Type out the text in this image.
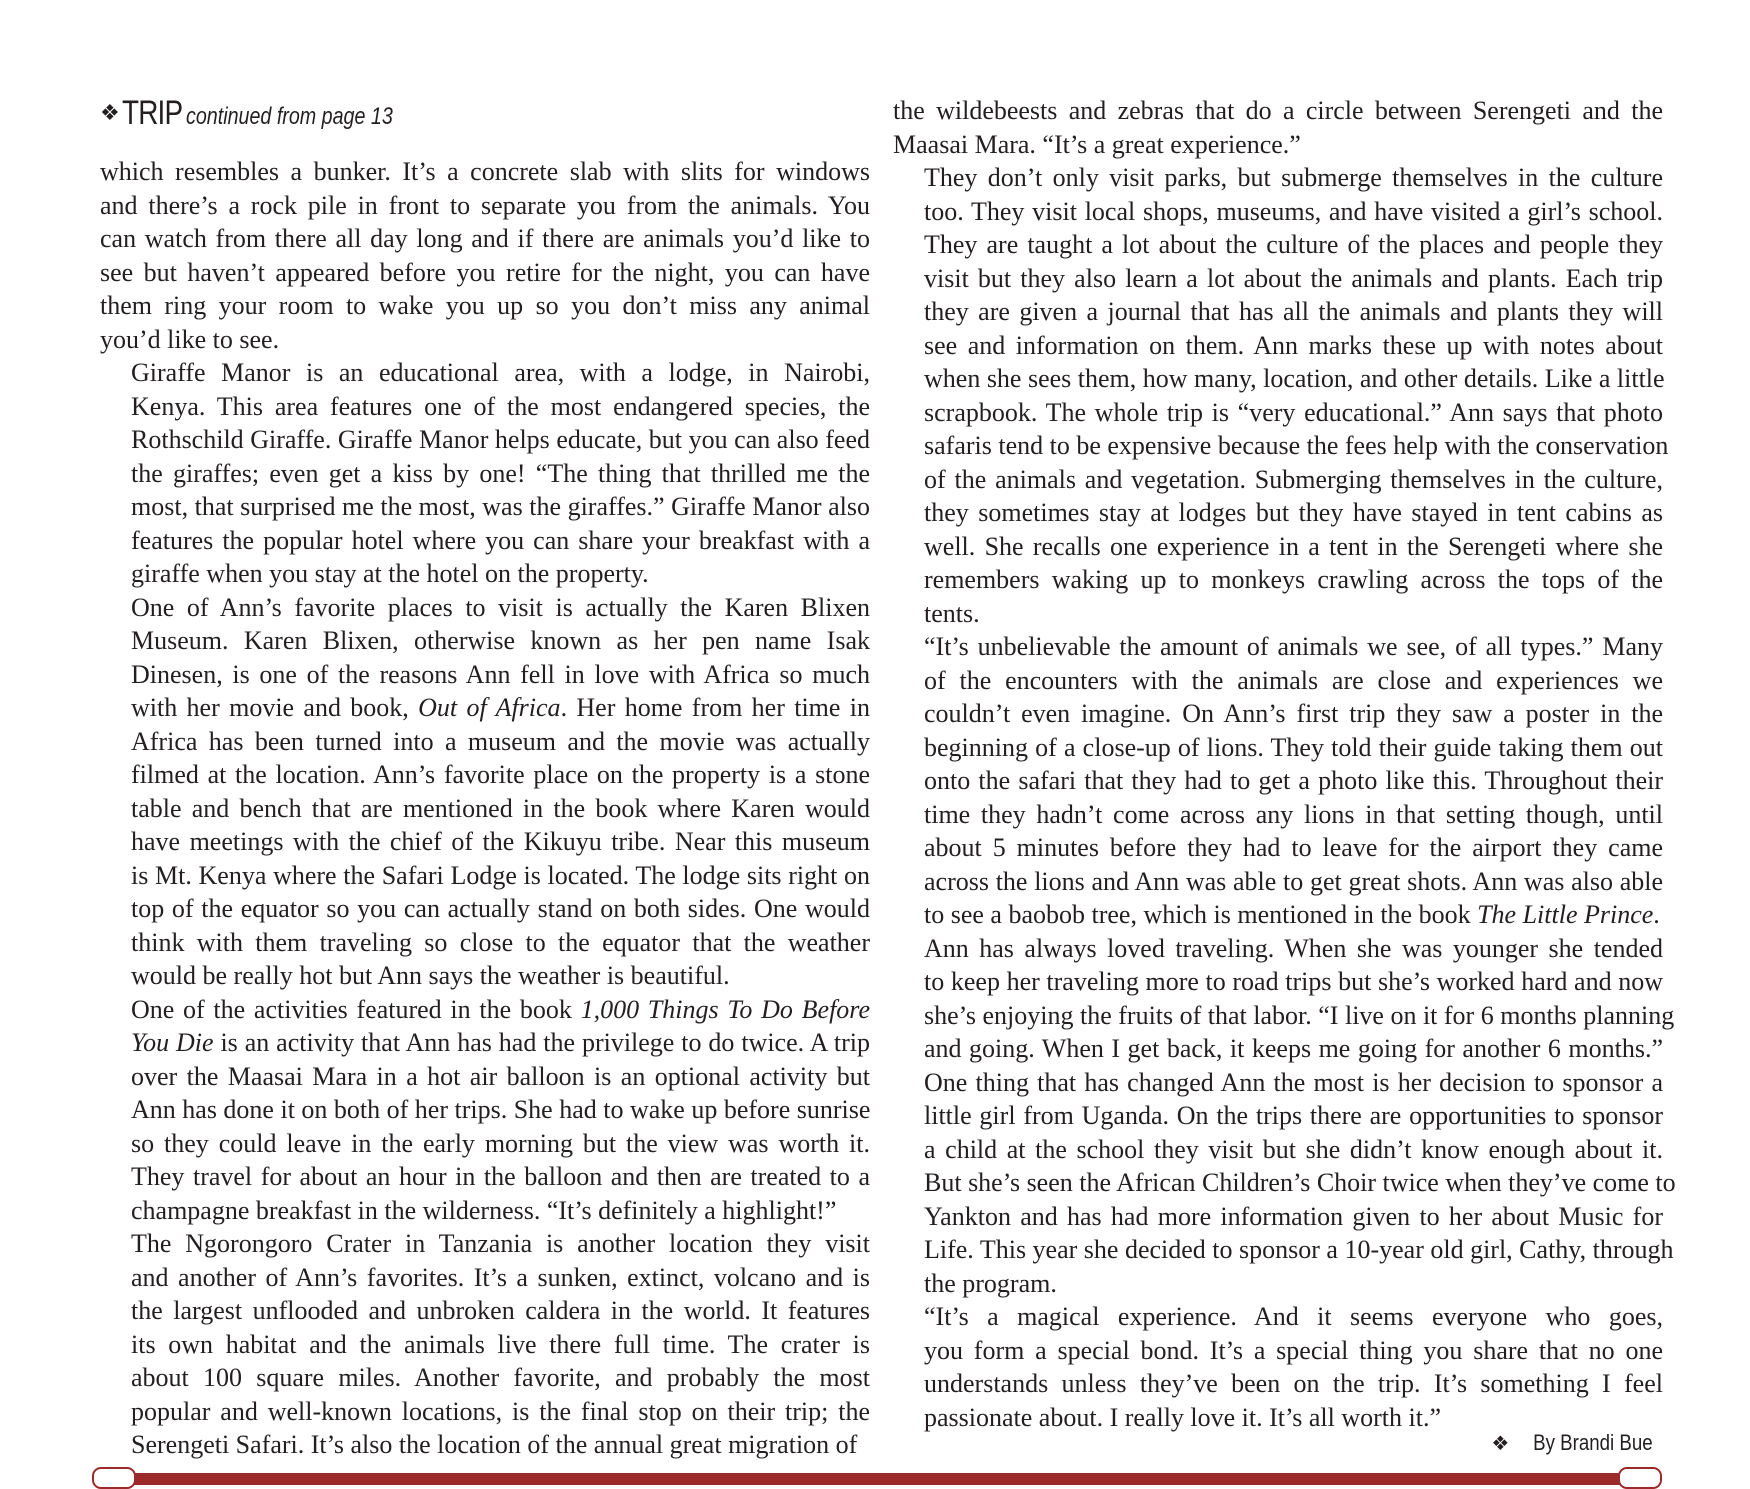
❖TRIP continued from page 13

which resembles a bunker. It’s a concrete slab with slits for windows
and there’s a rock pile in front to separate you from the animals. You
can watch from there all day long and if there are animals you’d like to
see but haven’t appeared before you retire for the night, you can have
them ring your room to wake you up so you don’t miss any animal
you’d like to see.

Giraffe Manor is an educational area, with a lodge, in Nairobi,
Kenya. This area features one of the most endangered species, the
Rothschild Giraffe. Giraffe Manor helps educate, but you can also feed
the giraffes; even get a kiss by one! “The thing that thrilled me the
most, that surprised me the most, was the giraffes.” Giraffe Manor also
features the popular hotel where you can share your breakfast with a
giraffe when you stay at the hotel on the property.

One of Ann’s favorite places to visit is actually the Karen Blixen
Museum. Karen Blixen, otherwise known as her pen name Isak
Dinesen, is one of the reasons Ann fell in love with Africa so much
with her movie and book, Out of Africa. Her home from her time in
Africa has been turned into a museum and the movie was actually
filmed at the location. Ann’s favorite place on the property is a stone
table and bench that are mentioned in the book where Karen would
have meetings with the chief of the Kikuyu tribe. Near this museum
is Mt. Kenya where the Safari Lodge is located. The lodge sits right on
top of the equator so you can actually stand on both sides. One would
think with them traveling so close to the equator that the weather
would be really hot but Ann says the weather is beautiful.

One of the activities featured in the book 1,000 Things To Do Before
You Die is an activity that Ann has had the privilege to do twice. A trip
over the Maasai Mara in a hot air balloon is an optional activity but
Ann has done it on both of her trips. She had to wake up before sunrise
so they could leave in the early morning but the view was worth it.
They travel for about an hour in the balloon and then are treated to a
champagne breakfast in the wilderness. “It’s definitely a highlight!”

The Ngorongoro Crater in Tanzania is another location they visit
and another of Ann’s favorites. It’s a sunken, extinct, volcano and is
the largest unflooded and unbroken caldera in the world. It features
its own habitat and the animals live there full time. The crater is
about 100 square miles. Another favorite, and probably the most
popular and well-known locations, is the final stop on their trip; the
Serengeti Safari. It’s also the location of the annual great migration of

the wildebeests and zebras that do a circle between Serengeti and the
Maasai Mara. “It’s a great experience.”

They don’t only visit parks, but submerge themselves in the culture
too. They visit local shops, museums, and have visited a girl’s school.
They are taught a lot about the culture of the places and people they
visit but they also learn a lot about the animals and plants. Each trip
they are given a journal that has all the animals and plants they will
see and information on them. Ann marks these up with notes about
when she sees them, how many, location, and other details. Like a little
scrapbook. The whole trip is “very educational.” Ann says that photo
safaris tend to be expensive because the fees help with the conservation
of the animals and vegetation. Submerging themselves in the culture,
they sometimes stay at lodges but they have stayed in tent cabins as
well. She recalls one experience in a tent in the Serengeti where she
remembers waking up to monkeys crawling across the tops of the
tents.

“It’s unbelievable the amount of animals we see, of all types.” Many
of the encounters with the animals are close and experiences we
couldn’t even imagine. On Ann’s first trip they saw a poster in the
beginning of a close-up of lions. They told their guide taking them out
onto the safari that they had to get a photo like this. Throughout their
time they hadn’t come across any lions in that setting though, until
about 5 minutes before they had to leave for the airport they came
across the lions and Ann was able to get great shots. Ann was also able
to see a baobob tree, which is mentioned in the book The Little Prince.

Ann has always loved traveling. When she was younger she tended
to keep her traveling more to road trips but she’s worked hard and now
she’s enjoying the fruits of that labor. “I live on it for 6 months planning
and going. When I get back, it keeps me going for another 6 months.”
One thing that has changed Ann the most is her decision to sponsor a
little girl from Uganda. On the trips there are opportunities to sponsor
a child at the school they visit but she didn’t know enough about it.
But she’s seen the African Children’s Choir twice when they’ve come to
Yankton and has had more information given to her about Music for
Life. This year she decided to sponsor a 10-year old girl, Cathy, through
the program.

“It’s a magical experience. And it seems everyone who goes,
you form a special bond. It’s a special thing you share that no one
understands unless they’ve been on the trip. It’s something I feel
passionate about. I really love it. It’s all worth it.”

❖ By Brandi Bue
